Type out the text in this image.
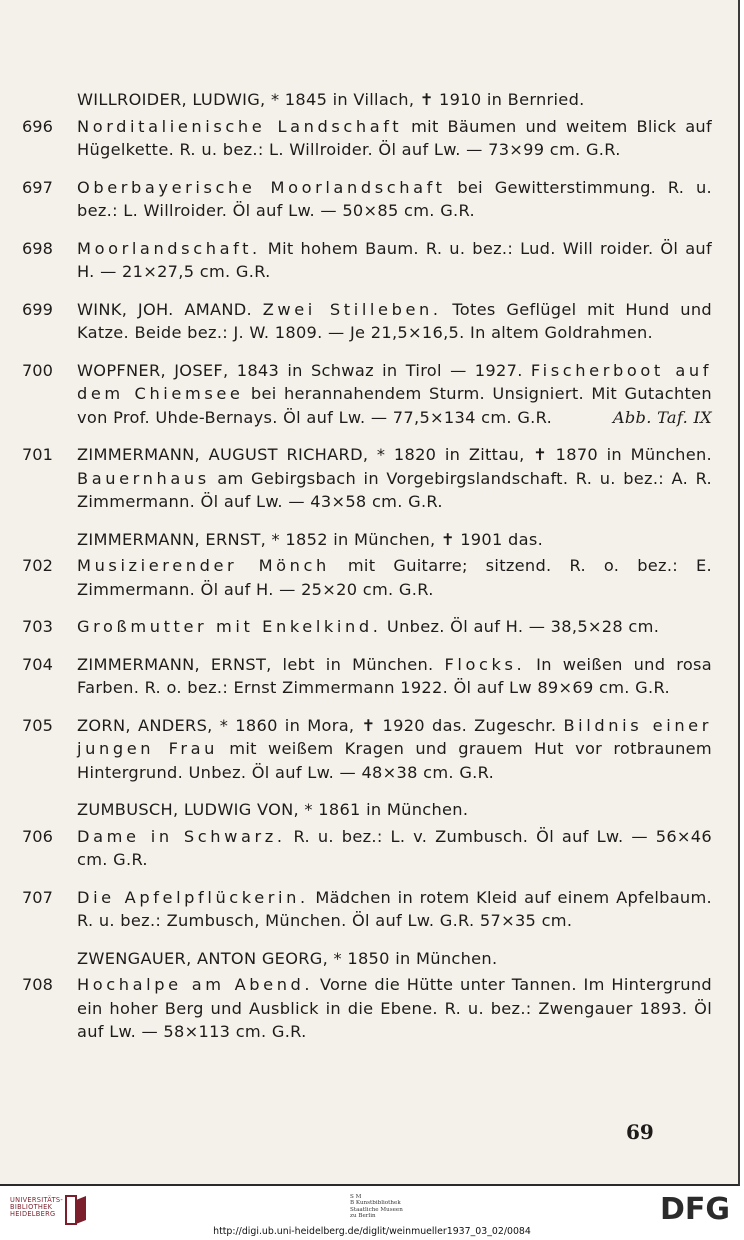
WILLROIDER, LUDWIG, * 1845 in Villach, ✝ 1910 in Bernried.
696	Norditalienische Landschaft mit Bäumen und weitem Blick auf Hügelkette. R. u. bez.: L. Willroider. Öl auf Lw. — 73×99 cm. G.R.
697	Oberbayerische Moorlandschaft bei Gewitterstimmung. R. u. bez.: L. Willroider. Öl auf Lw. — 50×85 cm. G.R.
698	Moorlandschaft. Mit hohem Baum. R. u. bez.: Lud. Will roider. Öl auf H. — 21×27,5 cm. G.R.
699	WINK, JOH. AMAND. Zwei Stilleben. Totes Geflügel mit Hund und Katze. Beide bez.: J. W. 1809. — Je 21,5×16,5. In altem Goldrahmen.
700	WOPFNER, JOSEF, 1843 in Schwaz in Tirol — 1927. Fischerboot auf dem Chiemsee bei herannahendem Sturm. Unsigniert. Mit Gutachten von Prof. Uhde-Bernays. Öl auf Lw. — 77,5×134 cm. G.R.	Abb. Taf. IX
701	ZIMMERMANN, AUGUST RICHARD, * 1820 in Zittau, ✝ 1870 in München. Bauernhaus am Gebirgsbach in Vorgebirgslandschaft. R. u. bez.: A. R. Zimmermann. Öl auf Lw. — 43×58 cm. G.R.
ZIMMERMANN, ERNST, * 1852 in München, ✝ 1901 das.
702	Musizierender Mönch mit Guitarre; sitzend. R. o. bez.: E. Zimmermann. Öl auf H. — 25×20 cm. G.R.
703	Großmutter mit Enkelkind. Unbez. Öl auf H. — 38,5×28 cm.
704	ZIMMERMANN, ERNST, lebt in München. Flocks. In weißen und rosa Farben. R. o. bez.: Ernst Zimmermann 1922. Öl auf Lw 89×69 cm. G.R.
705	ZORN, ANDERS, * 1860 in Mora, ✝ 1920 das. Zugeschr. Bildnis einer jungen Frau mit weißem Kragen und grauem Hut vor rotbraunem Hintergrund. Unbez. Öl auf Lw. — 48×38 cm. G.R.
ZUMBUSCH, LUDWIG VON, * 1861 in München.
706	Dame in Schwarz. R. u. bez.: L. v. Zumbusch. Öl auf Lw. — 56×46 cm. G.R.
707	Die Apfelpflückerin. Mädchen in rotem Kleid auf einem Apfelbaum. R. u. bez.: Zumbusch, München. Öl auf Lw. G.R. 57×35 cm.
ZWENGAUER, ANTON GEORG, * 1850 in München.
708	Hochalpe am Abend. Vorne die Hütte unter Tannen. Im Hintergrund ein hoher Berg und Ausblick in die Ebene. R. u. bez.: Zwengauer 1893. Öl auf Lw. — 58×113 cm. G.R.
69
UNIVERSITÄTS-
BIBLIOTHEK
HEIDELBERG
S M
B Kunstbibliothek
Staatliche Museen
zu Berlin	DFG
http://digi.ub.uni-heidelberg.de/diglit/weinmueller1937_03_02/0084
